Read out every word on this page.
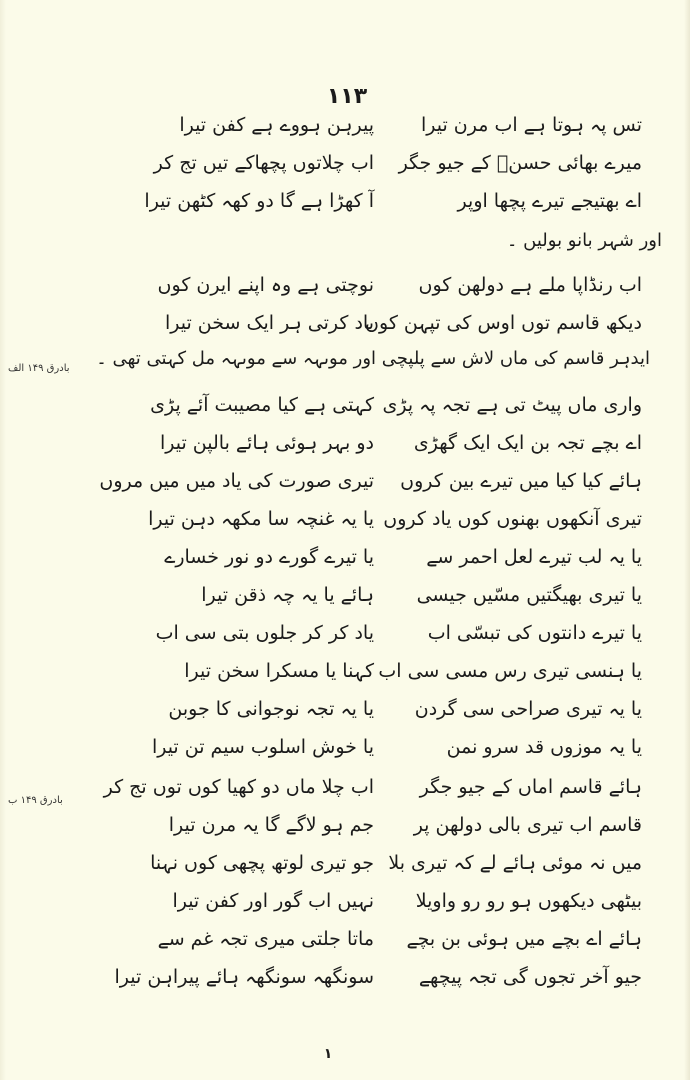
۱۱۳
تس پہ ہوتا ہے اب مرن تیرا
پیرہن ہووے ہے کفن تیرا
میرے بھائی حسنؑ کے جیو جگر
اب چلاتوں پچھاکے تیں تج کر
اے بھتیجے تیرے پچھا اوپر
آ کھڑا ہے گا دو کھہ کٹھن تیرا
اور شہر بانو بولیں ۔
اب رنڈاپا ملے ہے دولھن کوں
نوچتی ہے وہ اپنے ایرن کوں
دیکھ قاسم توں اوس کی تپہن کوں
یاد کرتی ہر ایک سخن تیرا
ایدہر قاسم کی ماں لاش سے پلپچی اور موںہہ سے موںہہ مل کہتی تھی ۔
واری ماں پیٹ تی ہے تجہ پہ پڑی
کہتی ہے کیا مصیبت آئے پڑی
اے بچے تجہ بن ایک ایک گھڑی
دو بہر ہوئی ہائے بالپن تیرا
ہائے کیا کیا میں تیرے بین کروں
تیری صورت کی یاد میں میں مروں
تیری آنکھوں بھنوں کوں یاد کروں
یا یہ غنچہ سا مکھہ دہن تیرا
یا یہ لب تیرے لعل احمر سے
یا تیرے گورے دو نور خسارے
یا تیری بھیگتیں مسّیں جیسی
ہائے یا یہ چہ ذقن تیرا
یا تیرے دانتوں کی تبسّی اب
یاد کر کر جلوں بتی سی اب
یا ہنسی تیری رس مسی سی اب
کہنا یا مسکرا سخن تیرا
یا یہ تیری صراحی سی گردن
یا یہ تجہ نوجوانی کا جوبن
یا یہ موزوں قد سرو نمن
یا خوش اسلوب سیم تن تیرا
ہائے قاسم اماں کے جیو جگر
اب چلا ماں دو کھیا کوں توں تج کر
قاسم اب تیری بالی دولھن پر
جم ہو لاگے گا یہ مرن تیرا
میں نہ موئی ہائے لے کہ تیری بلا
جو تیری لوتھ پچھی کوں نہنا
بیٹھی دیکھوں ہو رو رو واویلا
نہیں اب گور اور کفن تیرا
ہائے اے بچے میں ہوئی بن بچے
ماتا جلتی میری تجہ غم سے
جیو آخر تجوں گی تجہ پیچھے
سونگھہ سونگھہ ہائے پیراہن تیرا
بادرق ۱۴۹ الف
بادرق ۱۴۹ ب
۱
